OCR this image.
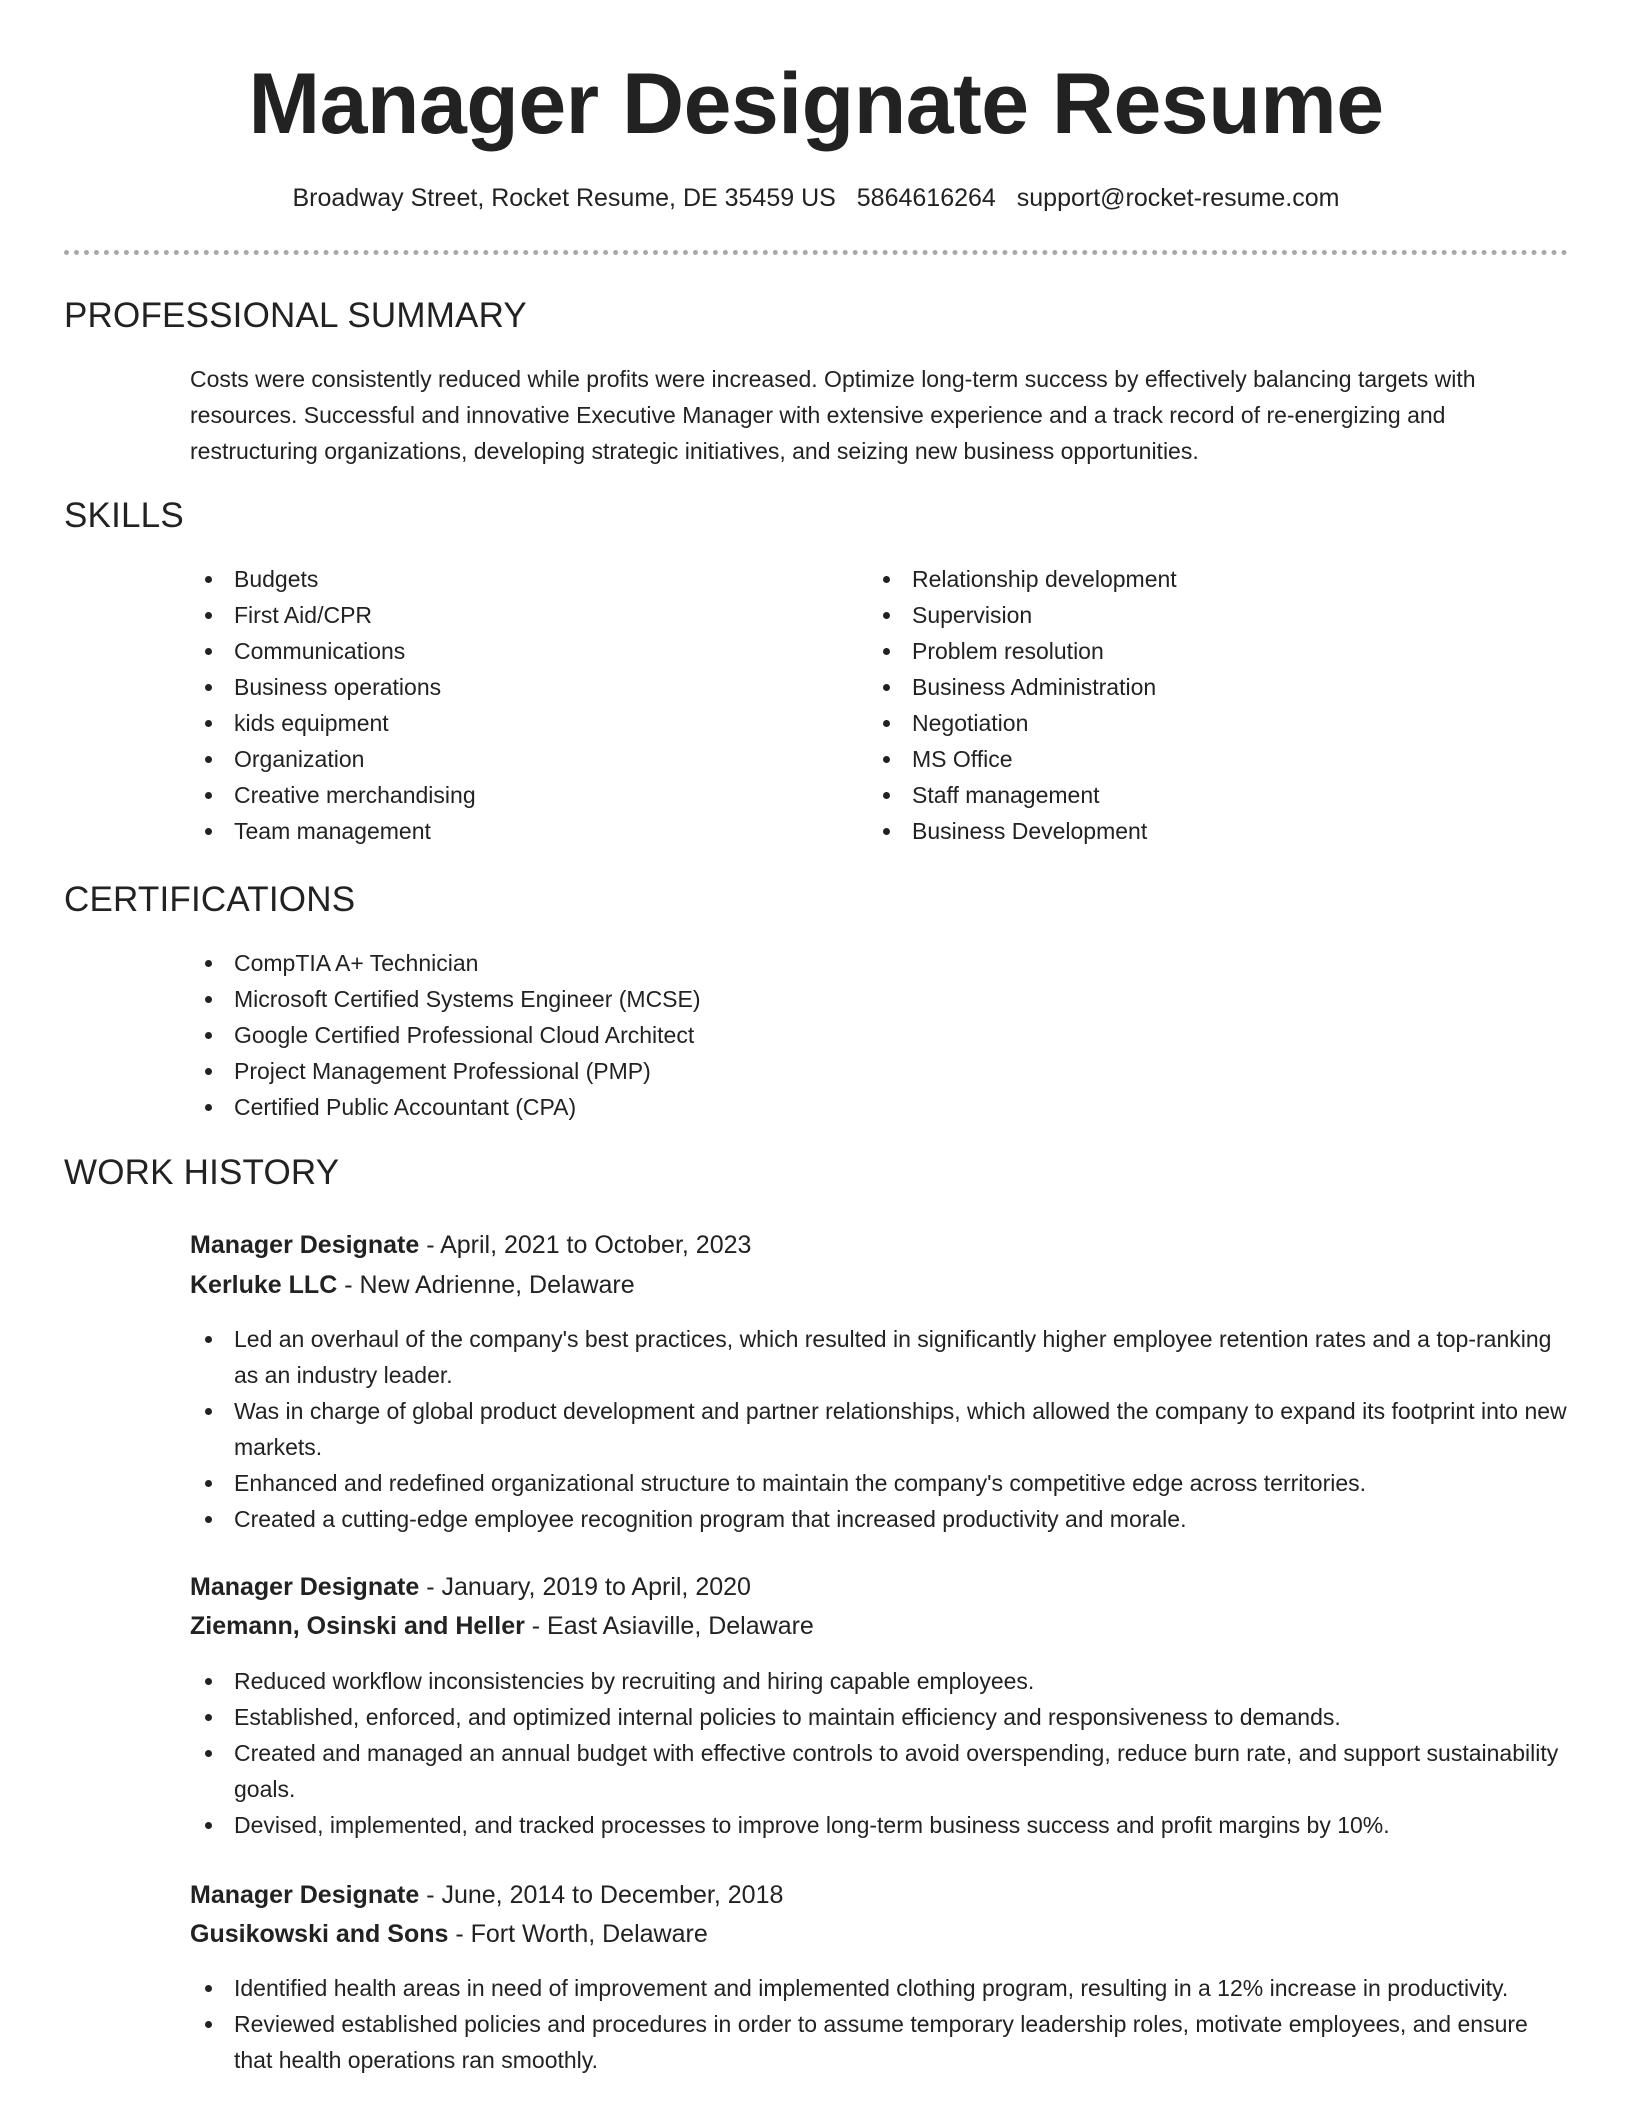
Manager Designate Resume
Broadway Street, Rocket Resume, DE 35459 US 5864616264 support@rocket-resume.com
PROFESSIONAL SUMMARY

Costs were consistently reduced while profits were increased. Optimize long-term success by effectively balancing targets with resources. Successful and innovative Executive Manager with extensive experience and a track record of re-energizing and restructuring organizations, developing strategic initiatives, and seizing new business opportunities.

SKILLS
Budgets
First Aid/CPR
Communications
Business operations
kids equipment
Organization
Creative merchandising
Team management
Relationship development
Supervision
Problem resolution
Business Administration
Negotiation
MS Office
Staff management
Business Development
CERTIFICATIONS
CompTIA A+ Technician
Microsoft Certified Systems Engineer (MCSE)
Google Certified Professional Cloud Architect
Project Management Professional (PMP)
Certified Public Accountant (CPA)
WORK HISTORY
Manager Designate - April, 2021 to October, 2023
Kerluke LLC - New Adrienne, Delaware
Led an overhaul of the company's best practices, which resulted in significantly higher employee retention rates and a top-ranking as an industry leader.
Was in charge of global product development and partner relationships, which allowed the company to expand its footprint into new markets.
Enhanced and redefined organizational structure to maintain the company's competitive edge across territories.
Created a cutting-edge employee recognition program that increased productivity and morale.
Manager Designate - January, 2019 to April, 2020
Ziemann, Osinski and Heller - East Asiaville, Delaware
Reduced workflow inconsistencies by recruiting and hiring capable employees.
Established, enforced, and optimized internal policies to maintain efficiency and responsiveness to demands.
Created and managed an annual budget with effective controls to avoid overspending, reduce burn rate, and support sustainability goals.
Devised, implemented, and tracked processes to improve long-term business success and profit margins by 10%.
Manager Designate - June, 2014 to December, 2018
Gusikowski and Sons - Fort Worth, Delaware
Identified health areas in need of improvement and implemented clothing program, resulting in a 12% increase in productivity.
Reviewed established policies and procedures in order to assume temporary leadership roles, motivate employees, and ensure that health operations ran smoothly.
